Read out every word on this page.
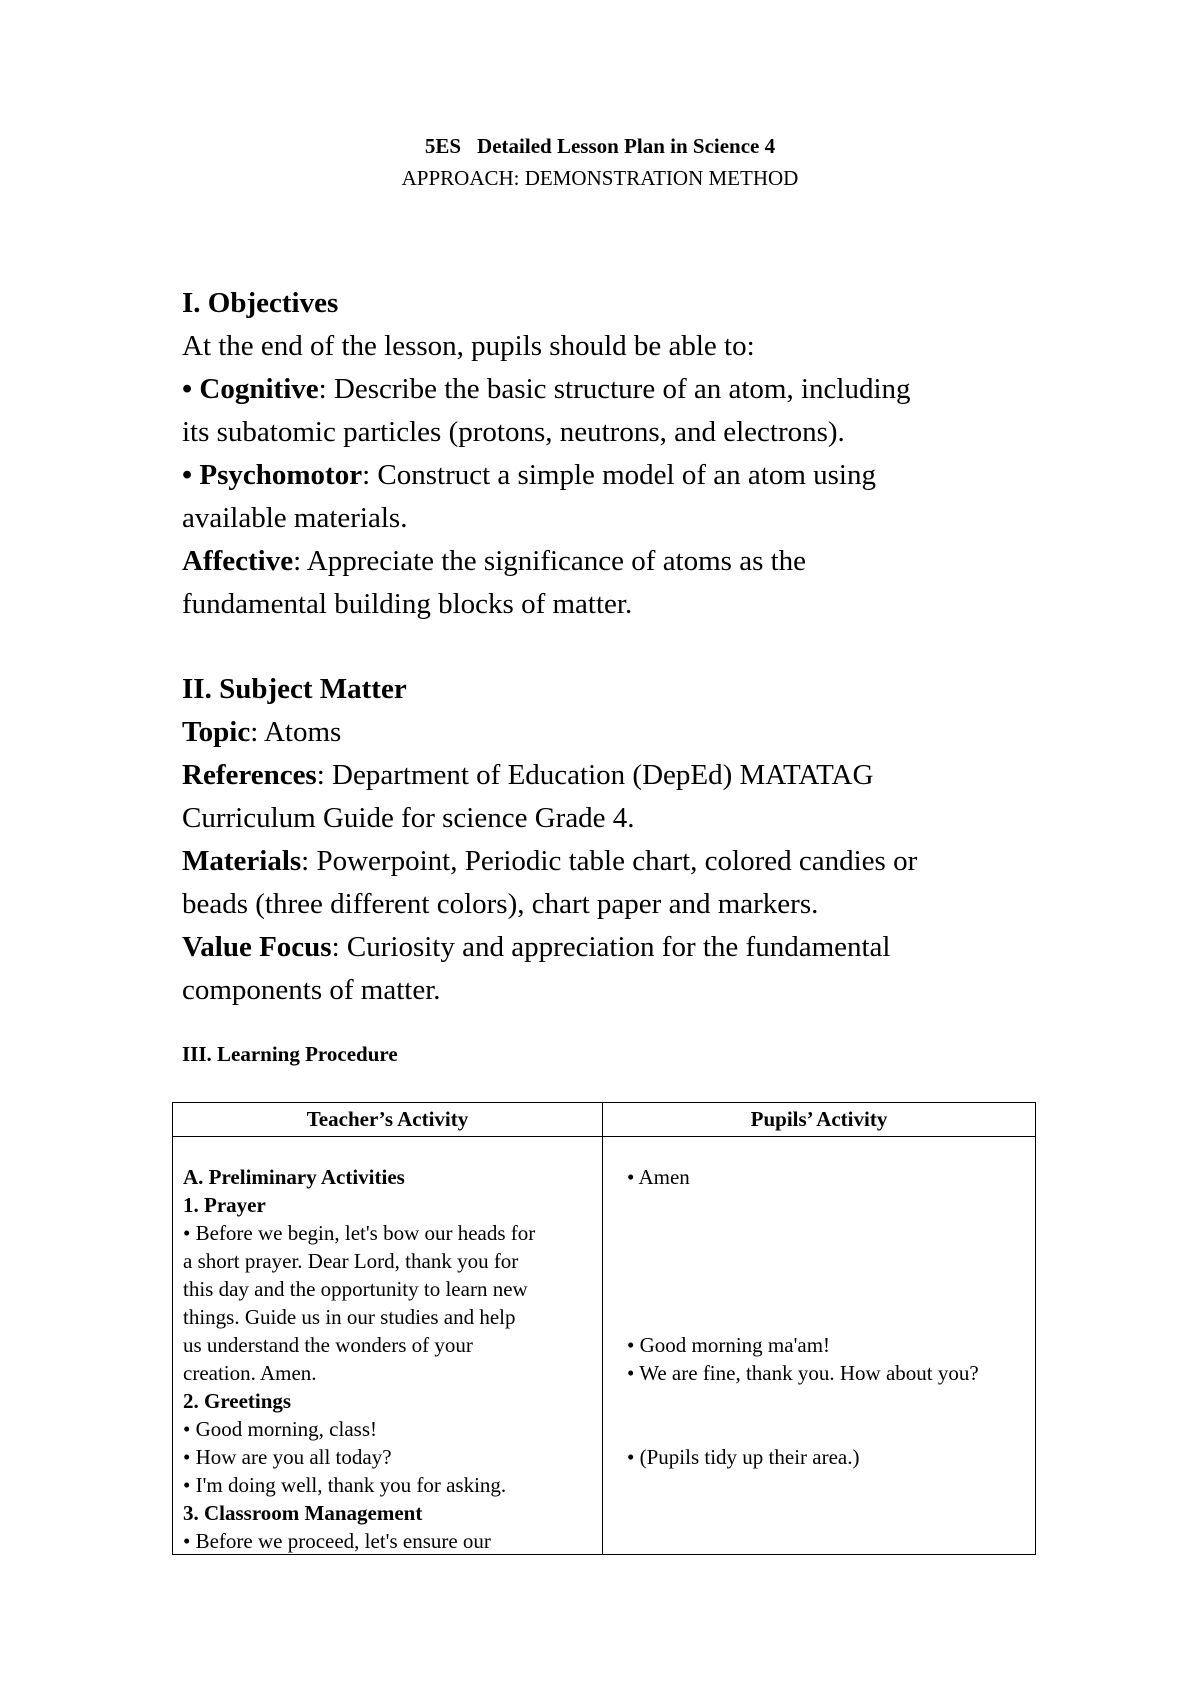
5ES Detailed Lesson Plan in Science 4
APPROACH: DEMONSTRATION METHOD
I. Objectives
At the end of the lesson, pupils should be able to:
• Cognitive: Describe the basic structure of an atom, including
its subatomic particles (protons, neutrons, and electrons).
• Psychomotor: Construct a simple model of an atom using
available materials.
Affective: Appreciate the significance of atoms as the
fundamental building blocks of matter.
II. Subject Matter
Topic: Atoms
References: Department of Education (DepEd) MATATAG
Curriculum Guide for science Grade 4.
Materials: Powerpoint, Periodic table chart, colored candies or
beads (three different colors), chart paper and markers.
Value Focus: Curiosity and appreciation for the fundamental
components of matter.
III. Learning Procedure
Teacher’s Activity	Pupils’ Activity
A. Preliminary Activities
1. Prayer
• Before we begin, let's bow our heads for
a short prayer. Dear Lord, thank you for
this day and the opportunity to learn new
things. Guide us in our studies and help
us understand the wonders of your
creation. Amen.
2. Greetings
• Good morning, class!
• How are you all today?
• I'm doing well, thank you for asking.
3. Classroom Management
• Before we proceed, let's ensure our
• Amen
• Good morning ma'am!
• We are fine, thank you. How about you?
• (Pupils tidy up their area.)
